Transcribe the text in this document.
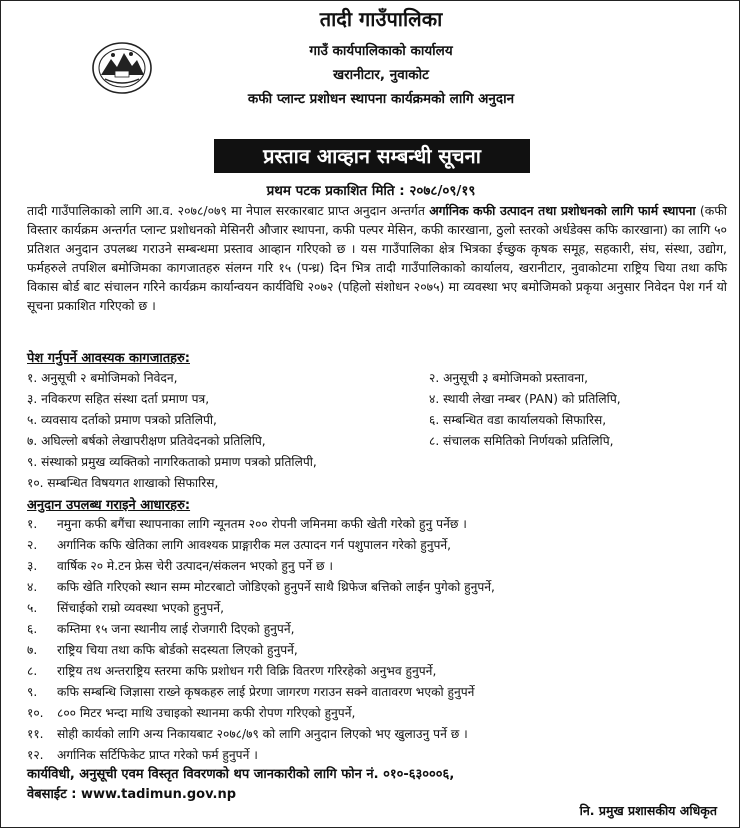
तादी गाउँपालिका
गाउँ कार्यपालिकाको कार्यालय
खरानीटार, नुवाकोट
कफी प्लान्ट प्रशोधन स्थापना कार्यक्रमको लागि अनुदान
प्रस्ताव आव्हान सम्बन्धी सूचना
प्रथम पटक प्रकाशित मिति : २०७८/०९/१९
तादी गाउँपालिकाको लागि आ.व. २०७८/०७९ मा नेपाल सरकारबाट प्राप्त अनुदान अन्तर्गत अर्गानिक कफी उत्पादन तथा प्रशोधनको लागि फार्म स्थापना (कफी विस्तार कार्यक्रम अन्तर्गत प्लान्ट प्रशोधनको मेसिनरी औजार स्थापना, कफी पल्पर मेसिन, कफी कारखाना, ठुलो स्तरको अर्धडेक्स कफि कारखाना) का लागि ५० प्रतिशत अनुदान उपलब्ध गराउने सम्बन्धमा प्रस्ताव आव्हान गरिएको छ । यस गाउँपालिका क्षेत्र भित्रका ईच्छुक कृषक समूह, सहकारी, संघ, संस्था, उद्योग, फर्महरुले तपशिल बमोजिमका कागजातहरु संलग्न गरि १५ (पन्ध्र) दिन भित्र तादी गाउँपालिकाको कार्यालय, खरानीटार, नुवाकोटमा राष्ट्रिय चिया तथा कफि विकास बोर्ड बाट संचालन गरिने कार्यक्रम कार्यान्वयन कार्यविधि २०७२ (पहिलो संशोधन २०७५) मा व्यवस्था भए बमोजिमको प्रकृया अनुसार निवेदन पेश गर्न यो सूचना प्रकाशित गरिएको छ ।
पेश गर्नुपर्ने आवस्यक कागजातहरु:
१. अनुसूची २ बमोजिमको निवेदन,	२. अनुसूची ३ बमोजिमको प्रस्तावना,
३. नविकरण सहित संस्था दर्ता प्रमाण पत्र,	४. स्थायी लेखा नम्बर (PAN) को प्रतिलिपि,
५. व्यवसाय दर्ताको प्रमाण पत्रको प्रतिलिपी,	६. सम्बन्धित वडा कार्यालयको सिफारिस,
७. अघिल्लो बर्षको लेखापरीक्षण प्रतिवेदनको प्रतिलिपि,	८. संचालक समितिको निर्णयको प्रतिलिपि,
९. संस्थाको प्रमुख व्यक्तिको नागरिकताको प्रमाण पत्रको प्रतिलिपी,
१०. सम्बन्धित विषयगत शाखाको सिफारिस,
अनुदान उपलब्ध गराइने आधारहरु:
१. नमुना कफी बगैंचा स्थापनाका लागि न्यूनतम २०० रोपनी जमिनमा कफी खेती गरेको हुनु पर्नेछ ।
२. अर्गानिक कफि खेतिका लागि आवश्यक प्राङ्गारीक मल उत्पादन गर्न पशुपालन गरेको हुनुपर्ने,
३. वार्षिक २० मे.टन फ्रेस चेरी उत्पादन/संकलन भएको हुनु पर्ने छ ।
४. कफि खेति गरिएको स्थान सम्म मोटरबाटो जोडिएको हुनुपर्ने साथै थ्रिफेज बत्तिको लाईन पुगेको हुनुपर्ने,
५. सिंचाईको राम्रो व्यवस्था भएको हुनुपर्ने,
६. कम्तिमा १५ जना स्थानीय लाई रोजगारी दिएको हुनुपर्ने,
७. राष्ट्रिय चिया तथा कफि बोर्डको सदस्यता लिएको हुनुपर्ने,
८. राष्ट्रिय तथ अन्तराष्ट्रिय स्तरमा कफि प्रशोधन गरी विक्रि वितरण गरिरहेको अनुभव हुनुपर्ने,
९. कफि सम्बन्धि जिज्ञासा राख्ने कृषकहरु लाई प्रेरणा जागरण गराउन सक्ने वातावरण भएको हुनुपर्ने
१०. ८०० मिटर भन्दा माथि उचाइको स्थानमा कफी रोपण गरिएको हुनुपर्ने,
११. सोही कार्यको लागि अन्य निकायबाट २०७८/७९ को लागि अनुदान लिएको भए खुलाउनु पर्ने छ ।
१२. अर्गानिक सर्टिफिकेट प्राप्त गरेको फर्म हुनुपर्ने ।
कार्यविधी, अनुसूची एवम विस्तृत विवरणको थप जानकारीको लागि फोन नं. ०१०-६३०००६,
वेबसाईट : www.tadimun.gov.np
नि. प्रमुख प्रशासकीय अधिकृत
